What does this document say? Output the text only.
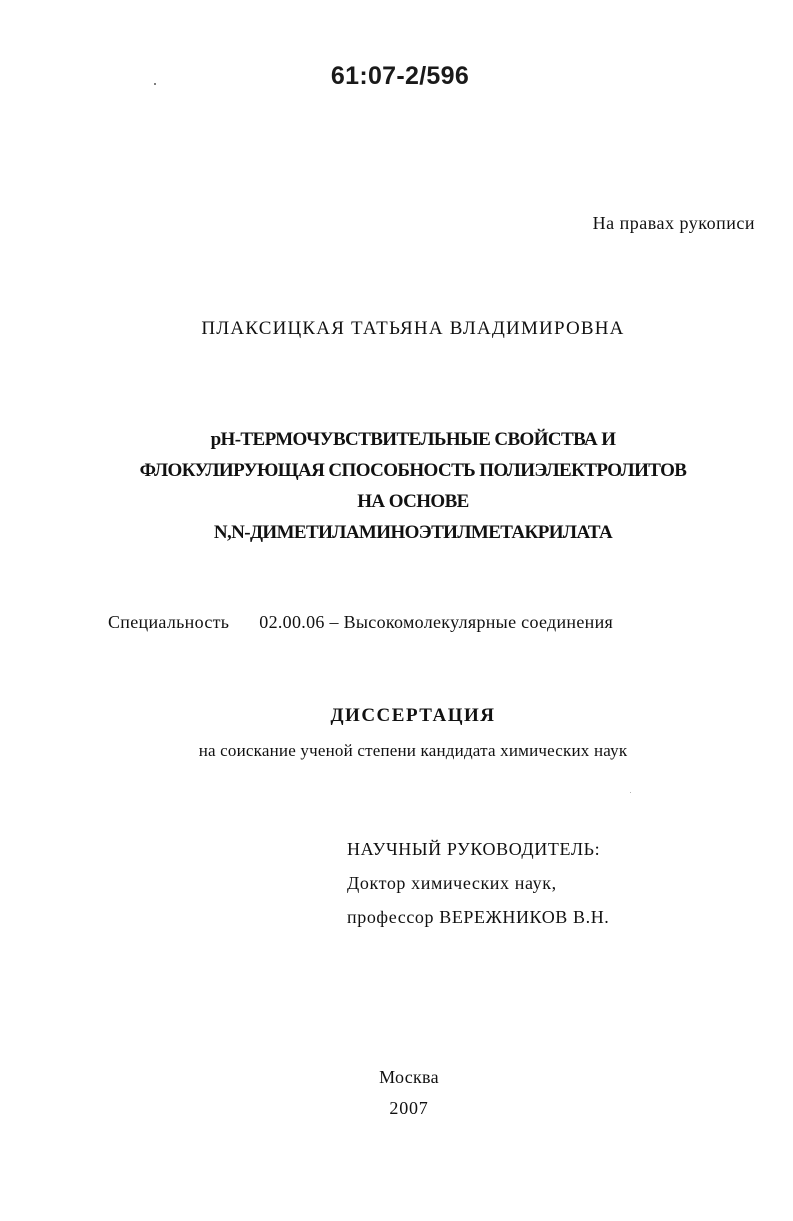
61:07-2/596
На правах рукописи
ПЛАКСИЦКАЯ ТАТЬЯНА ВЛАДИМИРОВНА
рН-ТЕРМОЧУВСТВИТЕЛЬНЫЕ СВОЙСТВА И
ФЛОКУЛИРУЮЩАЯ СПОСОБНОСТЬ ПОЛИЭЛЕКТРОЛИТОВ
НА ОСНОВЕ
N,N-ДИМЕТИЛАМИНОЭТИЛМЕТАКРИЛАТА
Специальность 02.00.06 – Высокомолекулярные соединения
ДИССЕРТАЦИЯ
на соискание ученой степени кандидата химических наук
НАУЧНЫЙ РУКОВОДИТЕЛЬ:
Доктор химических наук,
профессор ВЕРЕЖНИКОВ В.Н.
Москва
2007
